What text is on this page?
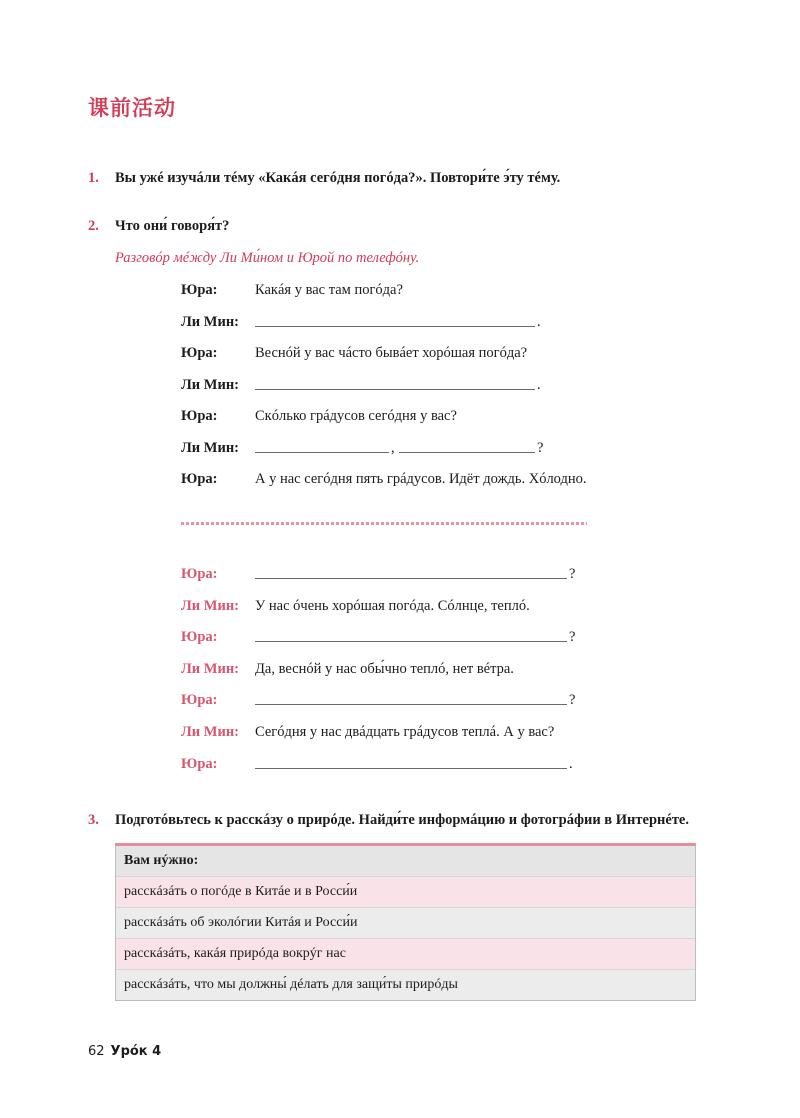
课前活动
1. Вы ужé изучáли тéму «Какáя сегóдня погóда?». Повтори́те э́ту тéму.
2. Что они́ говоря́т?
Разговóр мéжду Ли Ми́ном и Юрой по телефóну.
Юра:	Какáя у вас там погóда?
Ли Мин:	.
Юра:	Веснóй у вас чáсто бывáет хорóшая погóда?
Ли Мин:	.
Юра:	Скóлько грáдусов сегóдня у вас?
Ли Мин:	,	?
Юра:	А у нас сегóдня пять грáдусов. Идёт дождь. Хóлодно.
Юра:	?
Ли Мин: У нас óчень хорóшая погóда. Сóлнце, теплó.
Юра:	?
Ли Мин: Да, веснóй у нас обы́чно теплó, нет вéтра.
Юра:	?
Ли Мин: Сегóдня у нас двáдцать грáдусов теплá. А у вас?
Юра:	.
3. Подготóвьтесь к расскáзу о прирóде. Найди́те информáцию и фотогрáфии в Интернéте.
Вам нýжно:
расскáзáть о погóде в Китáе и в Росси́и
расскáзáть об эколóгии Китáя и Росси́и
расскáзáть, какáя прирóда вокрýг нас
расскáзáть, что мы должны́ дéлать для защи́ты прирóды
62 Урóк 4
